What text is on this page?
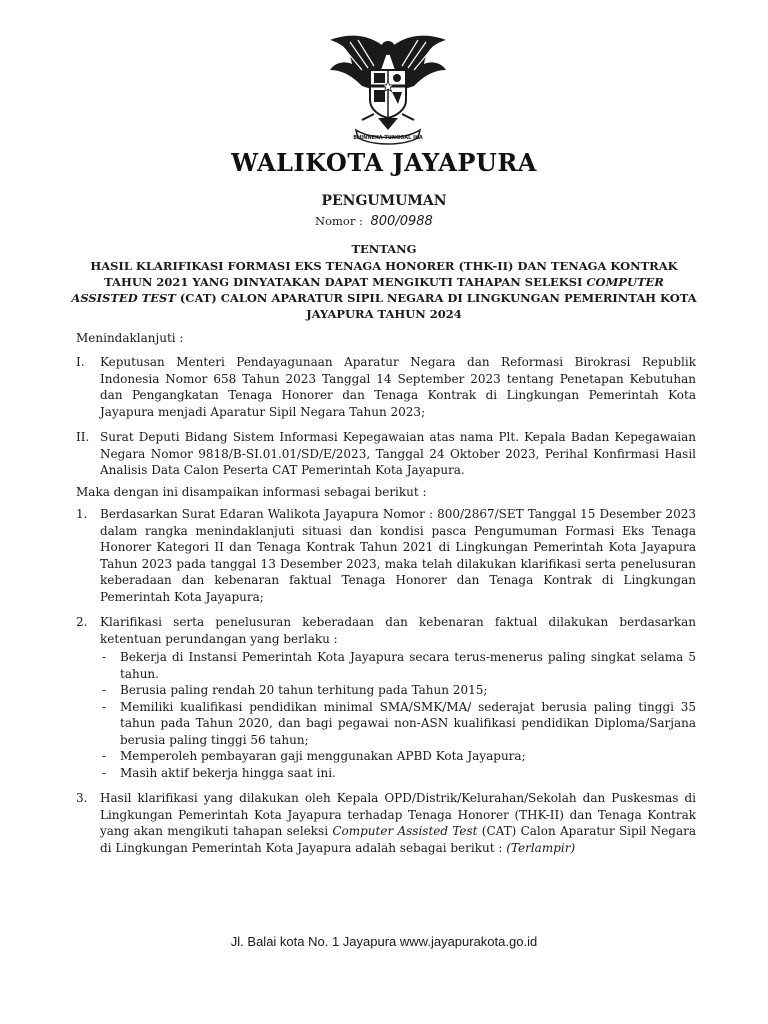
BHINNEKA TUNGGAL IKA
WALIKOTA JAYAPURA
PENGUMUMAN
Nomor : 800/0988
TENTANG
HASIL KLARIFIKASI FORMASI EKS TENAGA HONORER (THK-II) DAN TENAGA KONTRAK TAHUN 2021 YANG DINYATAKAN DAPAT MENGIKUTI TAHAPAN SELEKSI COMPUTER ASSISTED TEST (CAT) CALON APARATUR SIPIL NEGARA DI LINGKUNGAN PEMERINTAH KOTA JAYAPURA TAHUN 2024
Menindaklanjuti :
I. Keputusan Menteri Pendayagunaan Aparatur Negara dan Reformasi Birokrasi Republik Indonesia Nomor 658 Tahun 2023 Tanggal 14 September 2023 tentang Penetapan Kebutuhan dan Pengangkatan Tenaga Honorer dan Tenaga Kontrak di Lingkungan Pemerintah Kota Jayapura menjadi Aparatur Sipil Negara Tahun 2023;
II. Surat Deputi Bidang Sistem Informasi Kepegawaian atas nama Plt. Kepala Badan Kepegawaian Negara Nomor 9818/B-SI.01.01/SD/E/2023, Tanggal 24 Oktober 2023, Perihal Konfirmasi Hasil Analisis Data Calon Peserta CAT Pemerintah Kota Jayapura.
Maka dengan ini disampaikan informasi sebagai berikut :
1. Berdasarkan Surat Edaran Walikota Jayapura Nomor : 800/2867/SET Tanggal 15 Desember 2023 dalam rangka menindaklanjuti situasi dan kondisi pasca Pengumuman Formasi Eks Tenaga Honorer Kategori II dan Tenaga Kontrak Tahun 2021 di Lingkungan Pemerintah Kota Jayapura Tahun 2023 pada tanggal 13 Desember 2023, maka telah dilakukan klarifikasi serta penelusuran keberadaan dan kebenaran faktual Tenaga Honorer dan Tenaga Kontrak di Lingkungan Pemerintah Kota Jayapura;
2. Klarifikasi serta penelusuran keberadaan dan kebenaran faktual dilakukan berdasarkan ketentuan perundangan yang berlaku :
- Bekerja di Instansi Pemerintah Kota Jayapura secara terus-menerus paling singkat selama 5 tahun.
- Berusia paling rendah 20 tahun terhitung pada Tahun 2015;
- Memiliki kualifikasi pendidikan minimal SMA/SMK/MA/ sederajat berusia paling tinggi 35 tahun pada Tahun 2020, dan bagi pegawai non-ASN kualifikasi pendidikan Diploma/Sarjana berusia paling tinggi 56 tahun;
- Memperoleh pembayaran gaji menggunakan APBD Kota Jayapura;
- Masih aktif bekerja hingga saat ini.
3. Hasil klarifikasi yang dilakukan oleh Kepala OPD/Distrik/Kelurahan/Sekolah dan Puskesmas di Lingkungan Pemerintah Kota Jayapura terhadap Tenaga Honorer (THK-II) dan Tenaga Kontrak yang akan mengikuti tahapan seleksi Computer Assisted Test (CAT) Calon Aparatur Sipil Negara di Lingkungan Pemerintah Kota Jayapura adalah sebagai berikut : (Terlampir)
Jl. Balai kota No. 1 Jayapura www.jayapurakota.go.id
